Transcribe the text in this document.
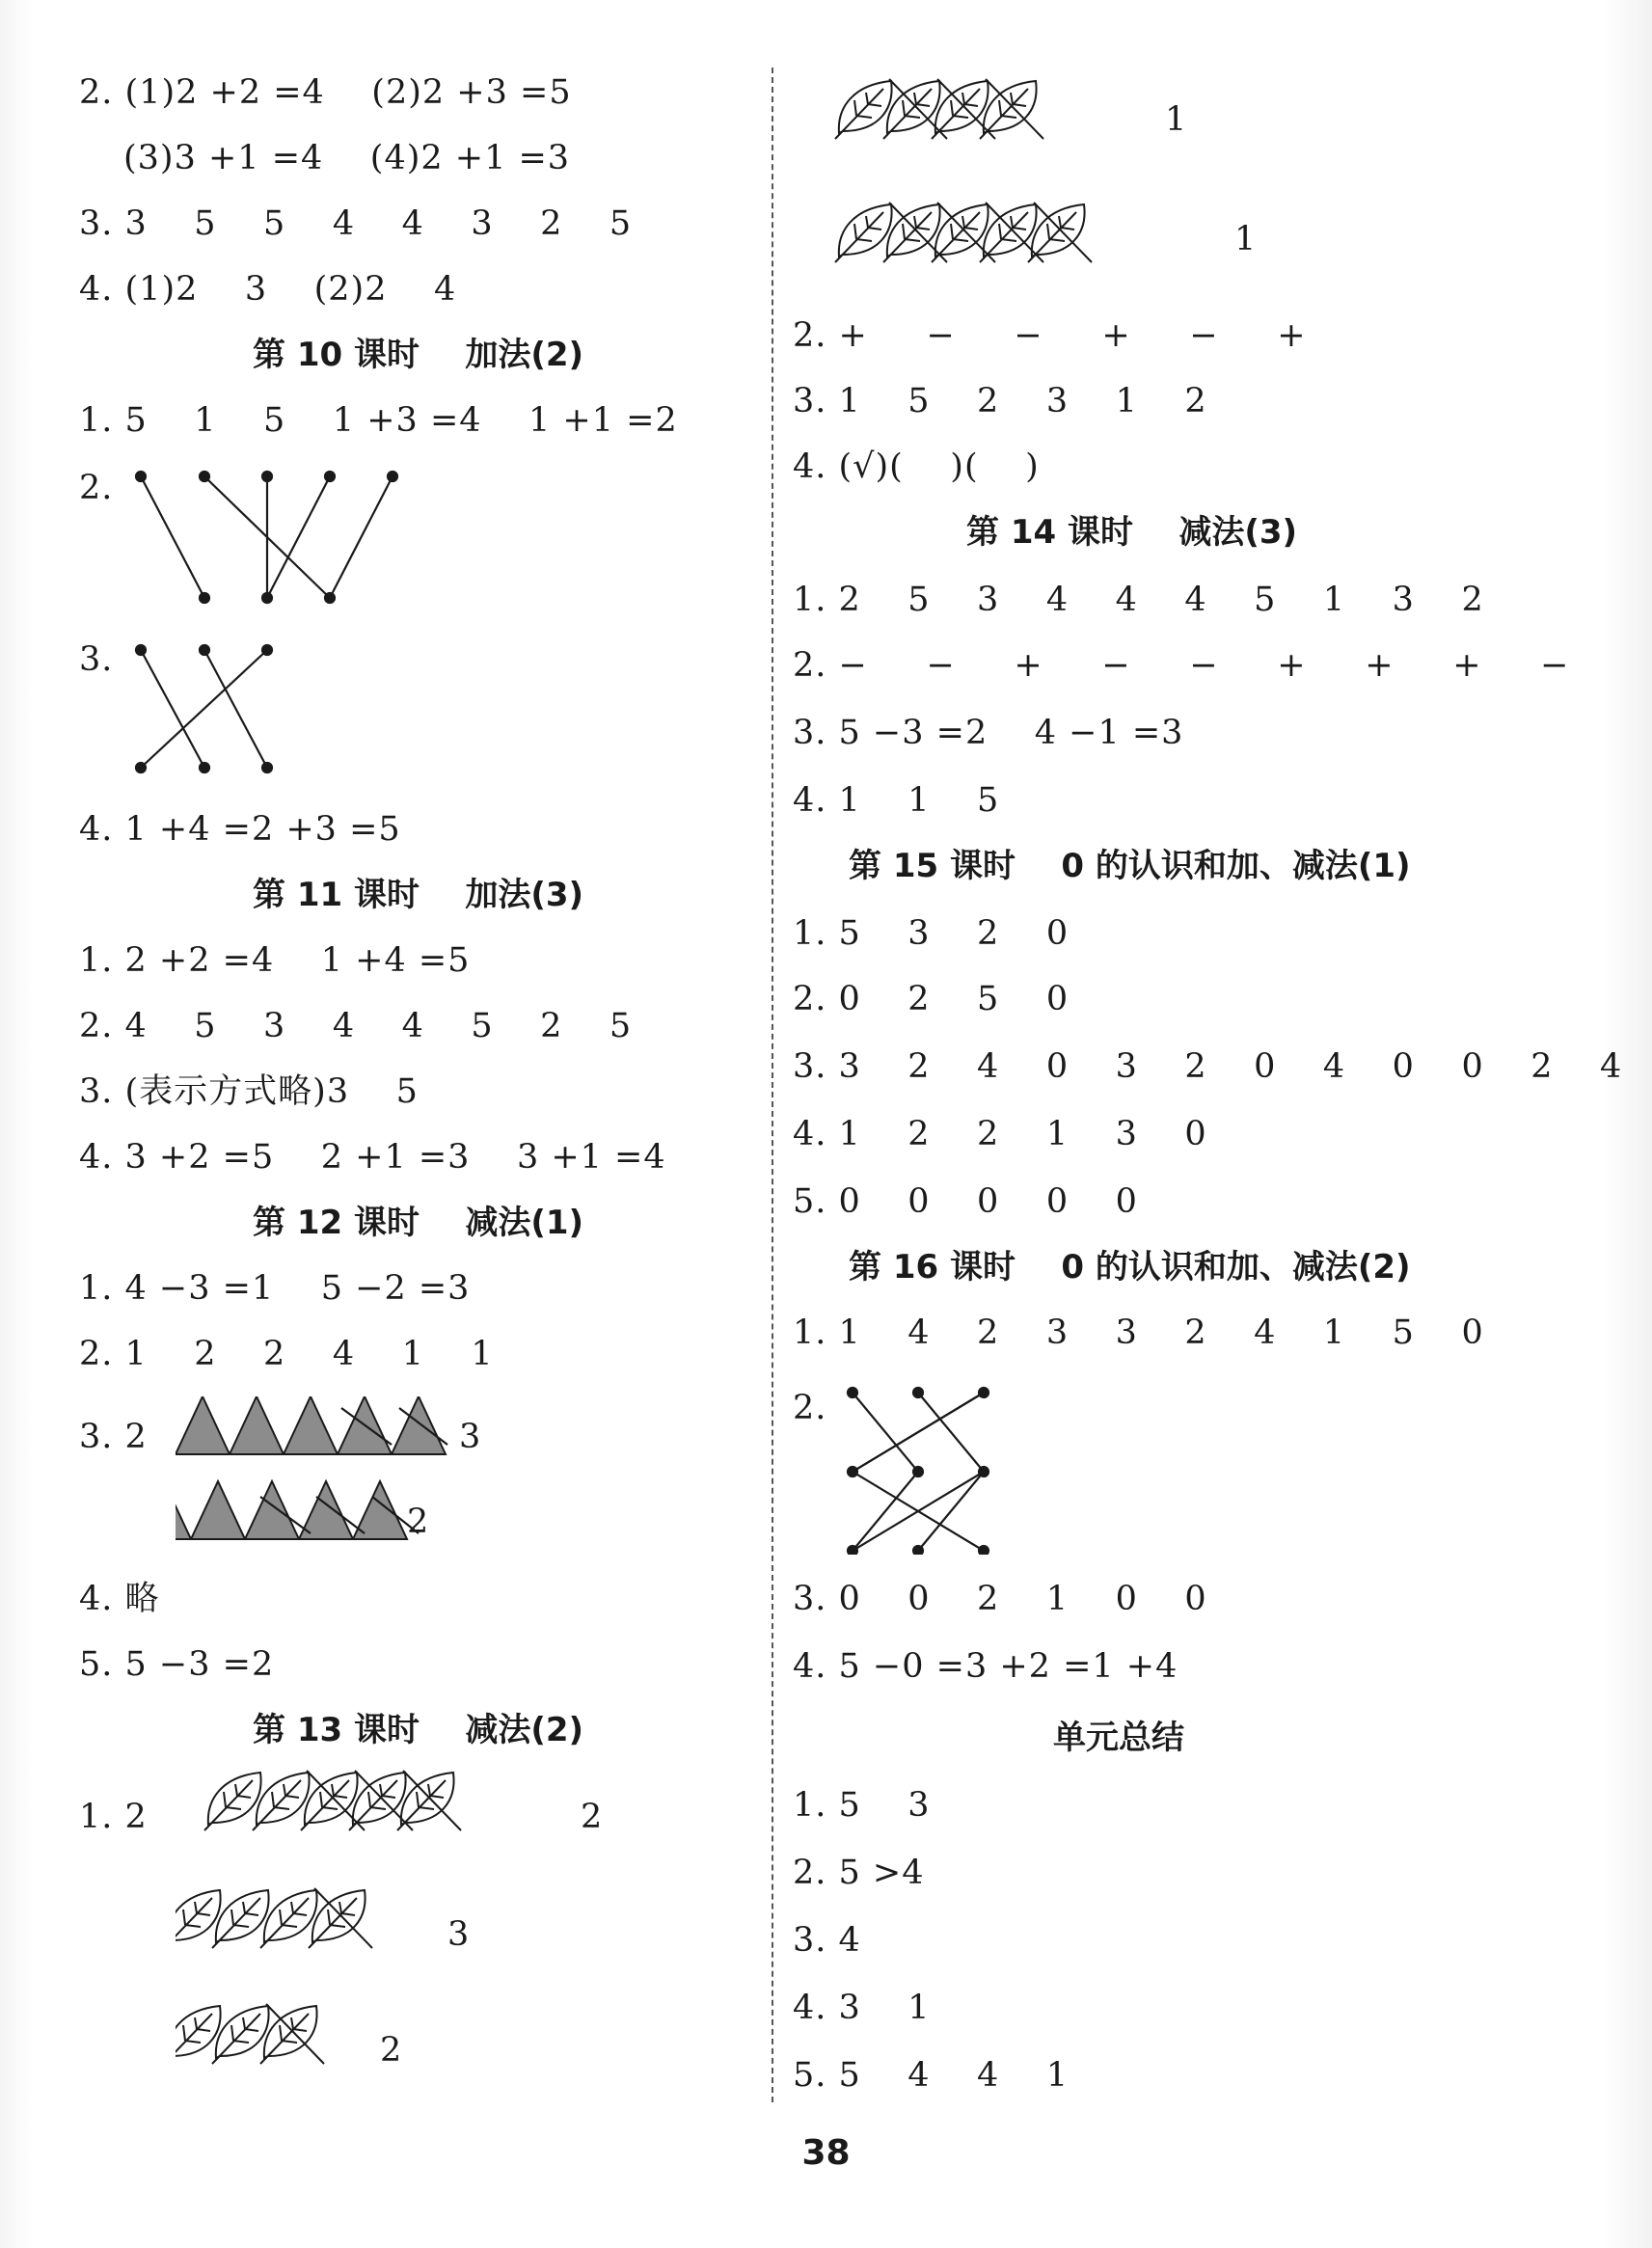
2. (1)2 +2 =4    (2)2 +3 =5
(3)3 +1 =4    (4)2 +1 =3
3. 3    5    5    4    4    3    2    5
4. (1)2    3    (2)2    4
第 10 课时    加法(2)
1. 5    1    5    1 +3 =4    1 +1 =2
2.
3.
4. 1 +4 =2 +3 =5
第 11 课时    加法(3)
1. 2 +2 =4    1 +4 =5
2. 4    5    3    4    4    5    2    5
3. (表示方式略)3    5
4. 3 +2 =5    2 +1 =3    3 +1 =4
第 12 课时    减法(1)
1. 4 −3 =1    5 −2 =3
2. 1    2    2    4    1    1
3. 2	3
2
4. 略
5. 5 −3 =2
第 13 课时    减法(2)
1. 2	2
3
2
1
1
2. +     −     −     +     −     +
3. 1    5    2    3    1    2
4. (√)(    )(    )
第 14 课时    减法(3)
1. 2    5    3    4    4    4    5    1    3    2
2. −     −     +     −     −     +     +     +     −
3. 5 −3 =2    4 −1 =3
4. 1    1    5
第 15 课时    0 的认识和加、减法(1)
1. 5    3    2    0
2. 0    2    5    0
3. 3    2    4    0    3    2    0    4    0    0    2    4
4. 1    2    2    1    3    0
5. 0    0    0    0    0
第 16 课时    0 的认识和加、减法(2)
1. 1    4    2    3    3    2    4    1    5    0
2.
3. 0    0    2    1    0    0
4. 5 −0 =3 +2 =1 +4
单元总结
1. 5    3
2. 5 >4
3. 4
4. 3    1
5. 5    4    4    1
38
